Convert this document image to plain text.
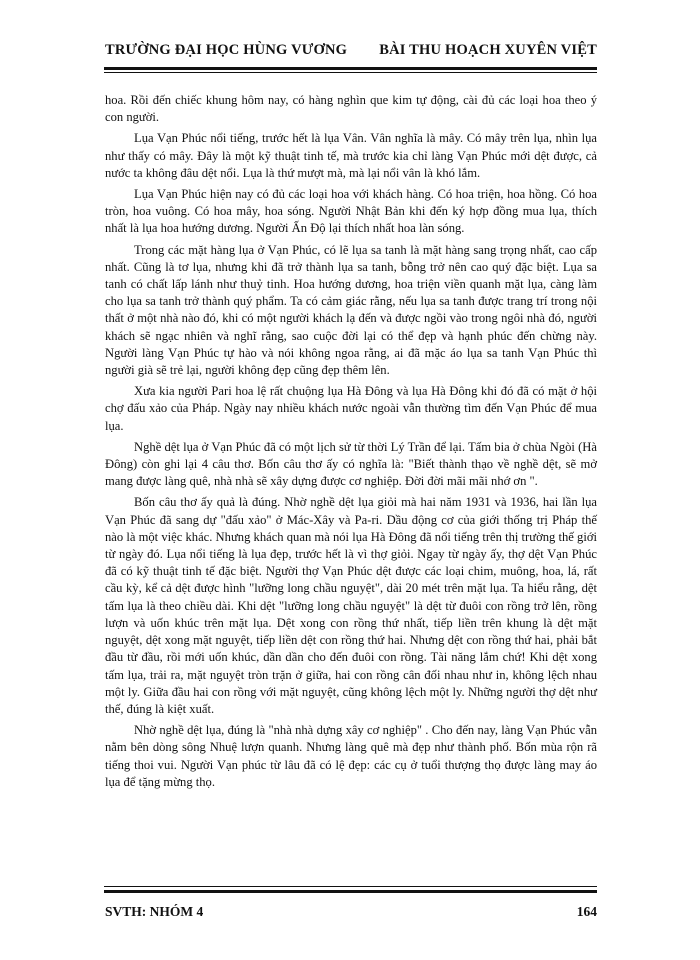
TRƯỜNG ĐẠI HỌC HÙNG VƯƠNG BÀI THU HOẠCH XUYÊN VIỆT

hoa. Rồi đến chiếc khung hôm nay, có hàng nghìn que kim tự động, cài đủ các loại hoa theo ý con người.

Lụa Vạn Phúc nổi tiếng, trước hết là lụa Vân. Vân nghĩa là mây. Có mây trên lụa, nhìn lụa như thấy có mây. Đây là một kỹ thuật tinh tế, mà trước kia chỉ làng Vạn Phúc mới dệt được, cả nước ta không đâu dệt nổi. Lụa là thứ mượt mà, mà lại nổi vân là khó lắm.

Lụa Vạn Phúc hiện nay có đủ các loại hoa với khách hàng. Có hoa triện, hoa hồng. Có hoa tròn, hoa vuông. Có hoa mây, hoa sóng. Người Nhật Bản khi đến ký hợp đồng mua lụa, thích nhất là lụa hoa hướng dương. Người Ấn Độ lại thích nhất hoa làn sóng.

Trong các mặt hàng lụa ở Vạn Phúc, có lẽ lụa sa tanh là mặt hàng sang trọng nhất, cao cấp nhất. Cũng là tơ lụa, nhưng khi đã trở thành lụa sa tanh, bỗng trở nên cao quý đặc biệt. Lụa sa tanh có chất lấp lánh như thuỷ tinh. Hoa hướng dương, hoa triện viền quanh mặt lụa, càng làm cho lụa sa tanh trở thành quý phẩm. Ta có cảm giác rằng, nếu lụa sa tanh được trang trí trong nội thất ở một nhà nào đó, khi có một người khách lạ đến và được ngồi vào trong ngôi nhà đó, người khách sẽ ngạc nhiên và nghĩ rằng, sao cuộc đời lại có thể đẹp và hạnh phúc đến chừng này. Người làng Vạn Phúc tự hào và nói không ngoa rằng, ai đã mặc áo lụa sa tanh Vạn Phúc thì người già sẽ trẻ lại, người không đẹp cũng đẹp thêm lên.

Xưa kia người Pari hoa lệ rất chuộng lụa Hà Đông và lụa Hà Đông khi đó đã có mặt ở hội chợ đấu xảo của Pháp. Ngày nay nhiều khách nước ngoài vẫn thường tìm đến Vạn Phúc để mua lụa.

Nghề dệt lụa ở Vạn Phúc đã có một lịch sử từ thời Lý Trần để lại. Tấm bia ở chùa Ngòi (Hà Đông) còn ghi lại 4 câu thơ. Bốn câu thơ ấy có nghĩa là: "Biết thành thạo về nghề dệt, sẽ mở mang được làng quê, nhà nhà sẽ xây dựng được cơ nghiệp. Đời đời mãi mãi nhớ ơn ".

Bốn câu thơ ấy quả là đúng. Nhờ nghề dệt lụa giỏi mà hai năm 1931 và 1936, hai lần lụa Vạn Phúc đã sang dự "đấu xảo" ở Mác-Xây và Pa-ri. Dầu động cơ của giới thống trị Pháp thế nào là một việc khác. Nhưng khách quan mà nói lụa Hà Đông đã nổi tiếng trên thị trường thế giới từ ngày đó. Lụa nổi tiếng là lụa đẹp, trước hết là vì thợ giỏi. Ngay từ ngày ấy, thợ dệt Vạn Phúc đã có kỹ thuật tinh tế đặc biệt. Người thợ Vạn Phúc dệt được các loại chim, muông, hoa, lá, rất cầu kỳ, kể cả dệt được hình "lưỡng long chầu nguyệt", dài 20 mét trên mặt lụa. Ta hiểu rằng, dệt tấm lụa là theo chiều dài. Khi dệt "lưỡng long chầu nguyệt" là dệt từ đuôi con rồng trở lên, rồng lượn và uốn khúc trên mặt lụa. Dệt xong con rồng thứ nhất, tiếp liền trên khung là dệt mặt nguyệt, dệt xong mặt nguyệt, tiếp liền dệt con rồng thứ hai. Nhưng dệt con rồng thứ hai, phải bắt đầu từ đầu, rồi mới uốn khúc, dần dần cho đến đuôi con rồng. Tài năng lắm chứ! Khi dệt xong tấm lụa, trải ra, mặt nguyệt tròn trặn ở giữa, hai con rồng cân đối nhau như in, không lệch nhau một ly. Giữa đầu hai con rồng với mặt nguyệt, cũng không lệch một ly. Những người thợ dệt như thế, đúng là kiệt xuất.

Nhờ nghề dệt lụa, đúng là "nhà nhà dựng xây cơ nghiệp" . Cho đến nay, làng Vạn Phúc vẫn nằm bên dòng sông Nhuệ lượn quanh. Nhưng làng quê mà đẹp như thành phố. Bốn mùa rộn rã tiếng thoi vui. Người Vạn phúc từ lâu đã có lệ đẹp: các cụ ở tuổi thượng thọ được làng may áo lụa để tặng mừng thọ.

SVTH: NHÓM 4	164
